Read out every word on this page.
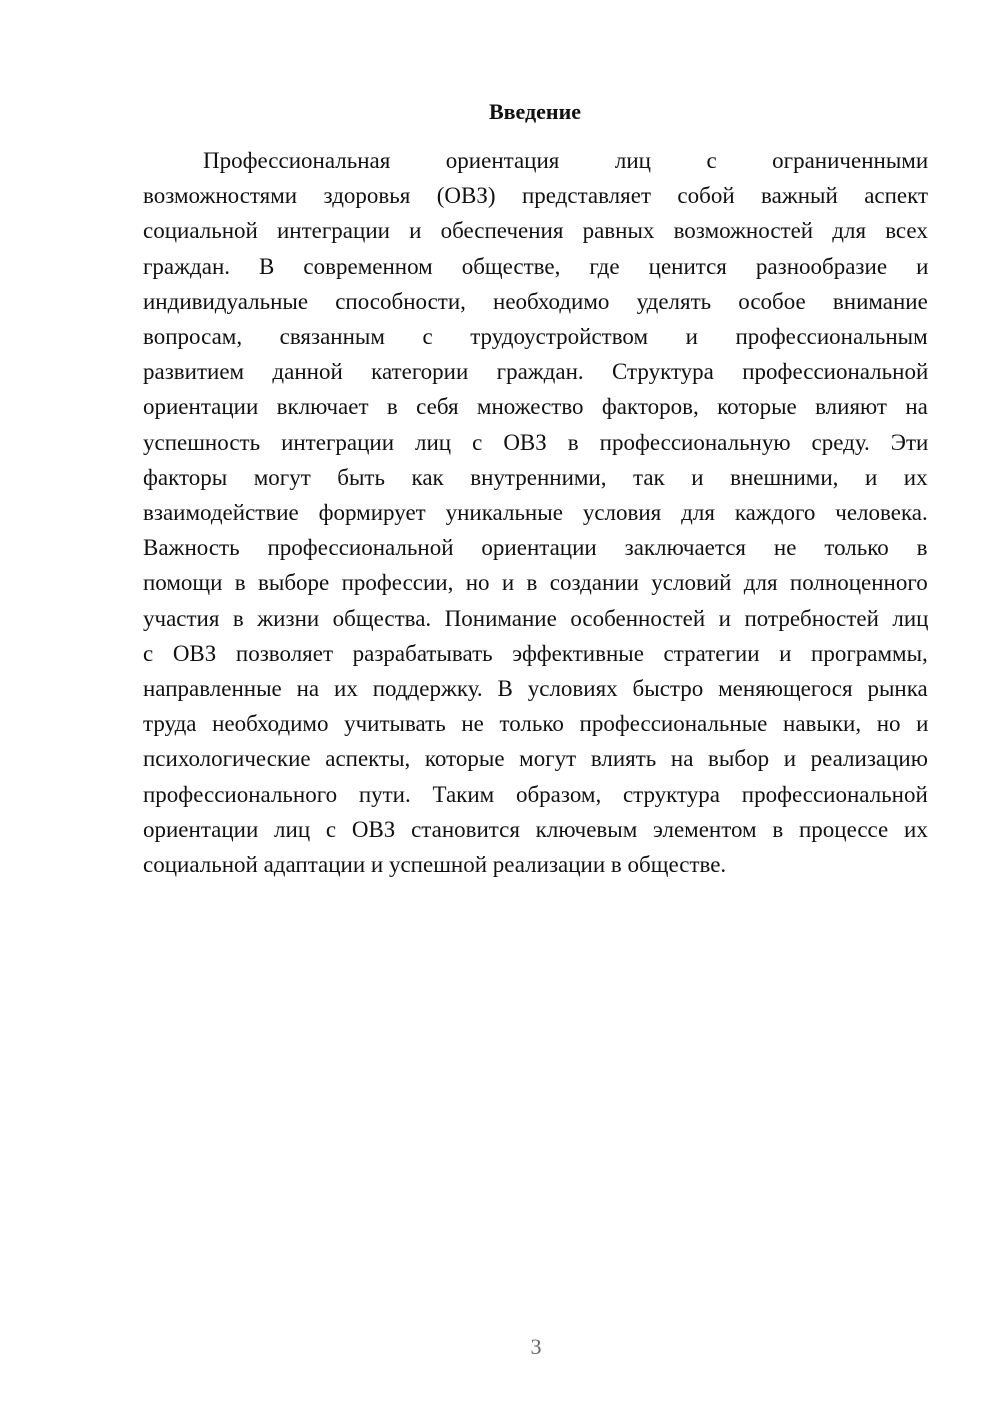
Введение
Профессиональная ориентация лиц с ограниченными
возможностями здоровья (ОВЗ) представляет собой важный аспект
социальной интеграции и обеспечения равных возможностей для всех
граждан. В современном обществе, где ценится разнообразие и
индивидуальные способности, необходимо уделять особое внимание
вопросам, связанным с трудоустройством и профессиональным
развитием данной категории граждан. Структура профессиональной
ориентации включает в себя множество факторов, которые влияют на
успешность интеграции лиц с ОВЗ в профессиональную среду. Эти
факторы могут быть как внутренними, так и внешними, и их
взаимодействие формирует уникальные условия для каждого человека.
Важность профессиональной ориентации заключается не только в
помощи в выборе профессии, но и в создании условий для полноценного
участия в жизни общества. Понимание особенностей и потребностей лиц
с ОВЗ позволяет разрабатывать эффективные стратегии и программы,
направленные на их поддержку. В условиях быстро меняющегося рынка
труда необходимо учитывать не только профессиональные навыки, но и
психологические аспекты, которые могут влиять на выбор и реализацию
профессионального пути. Таким образом, структура профессиональной
ориентации лиц с ОВЗ становится ключевым элементом в процессе их
социальной адаптации и успешной реализации в обществе.
3
